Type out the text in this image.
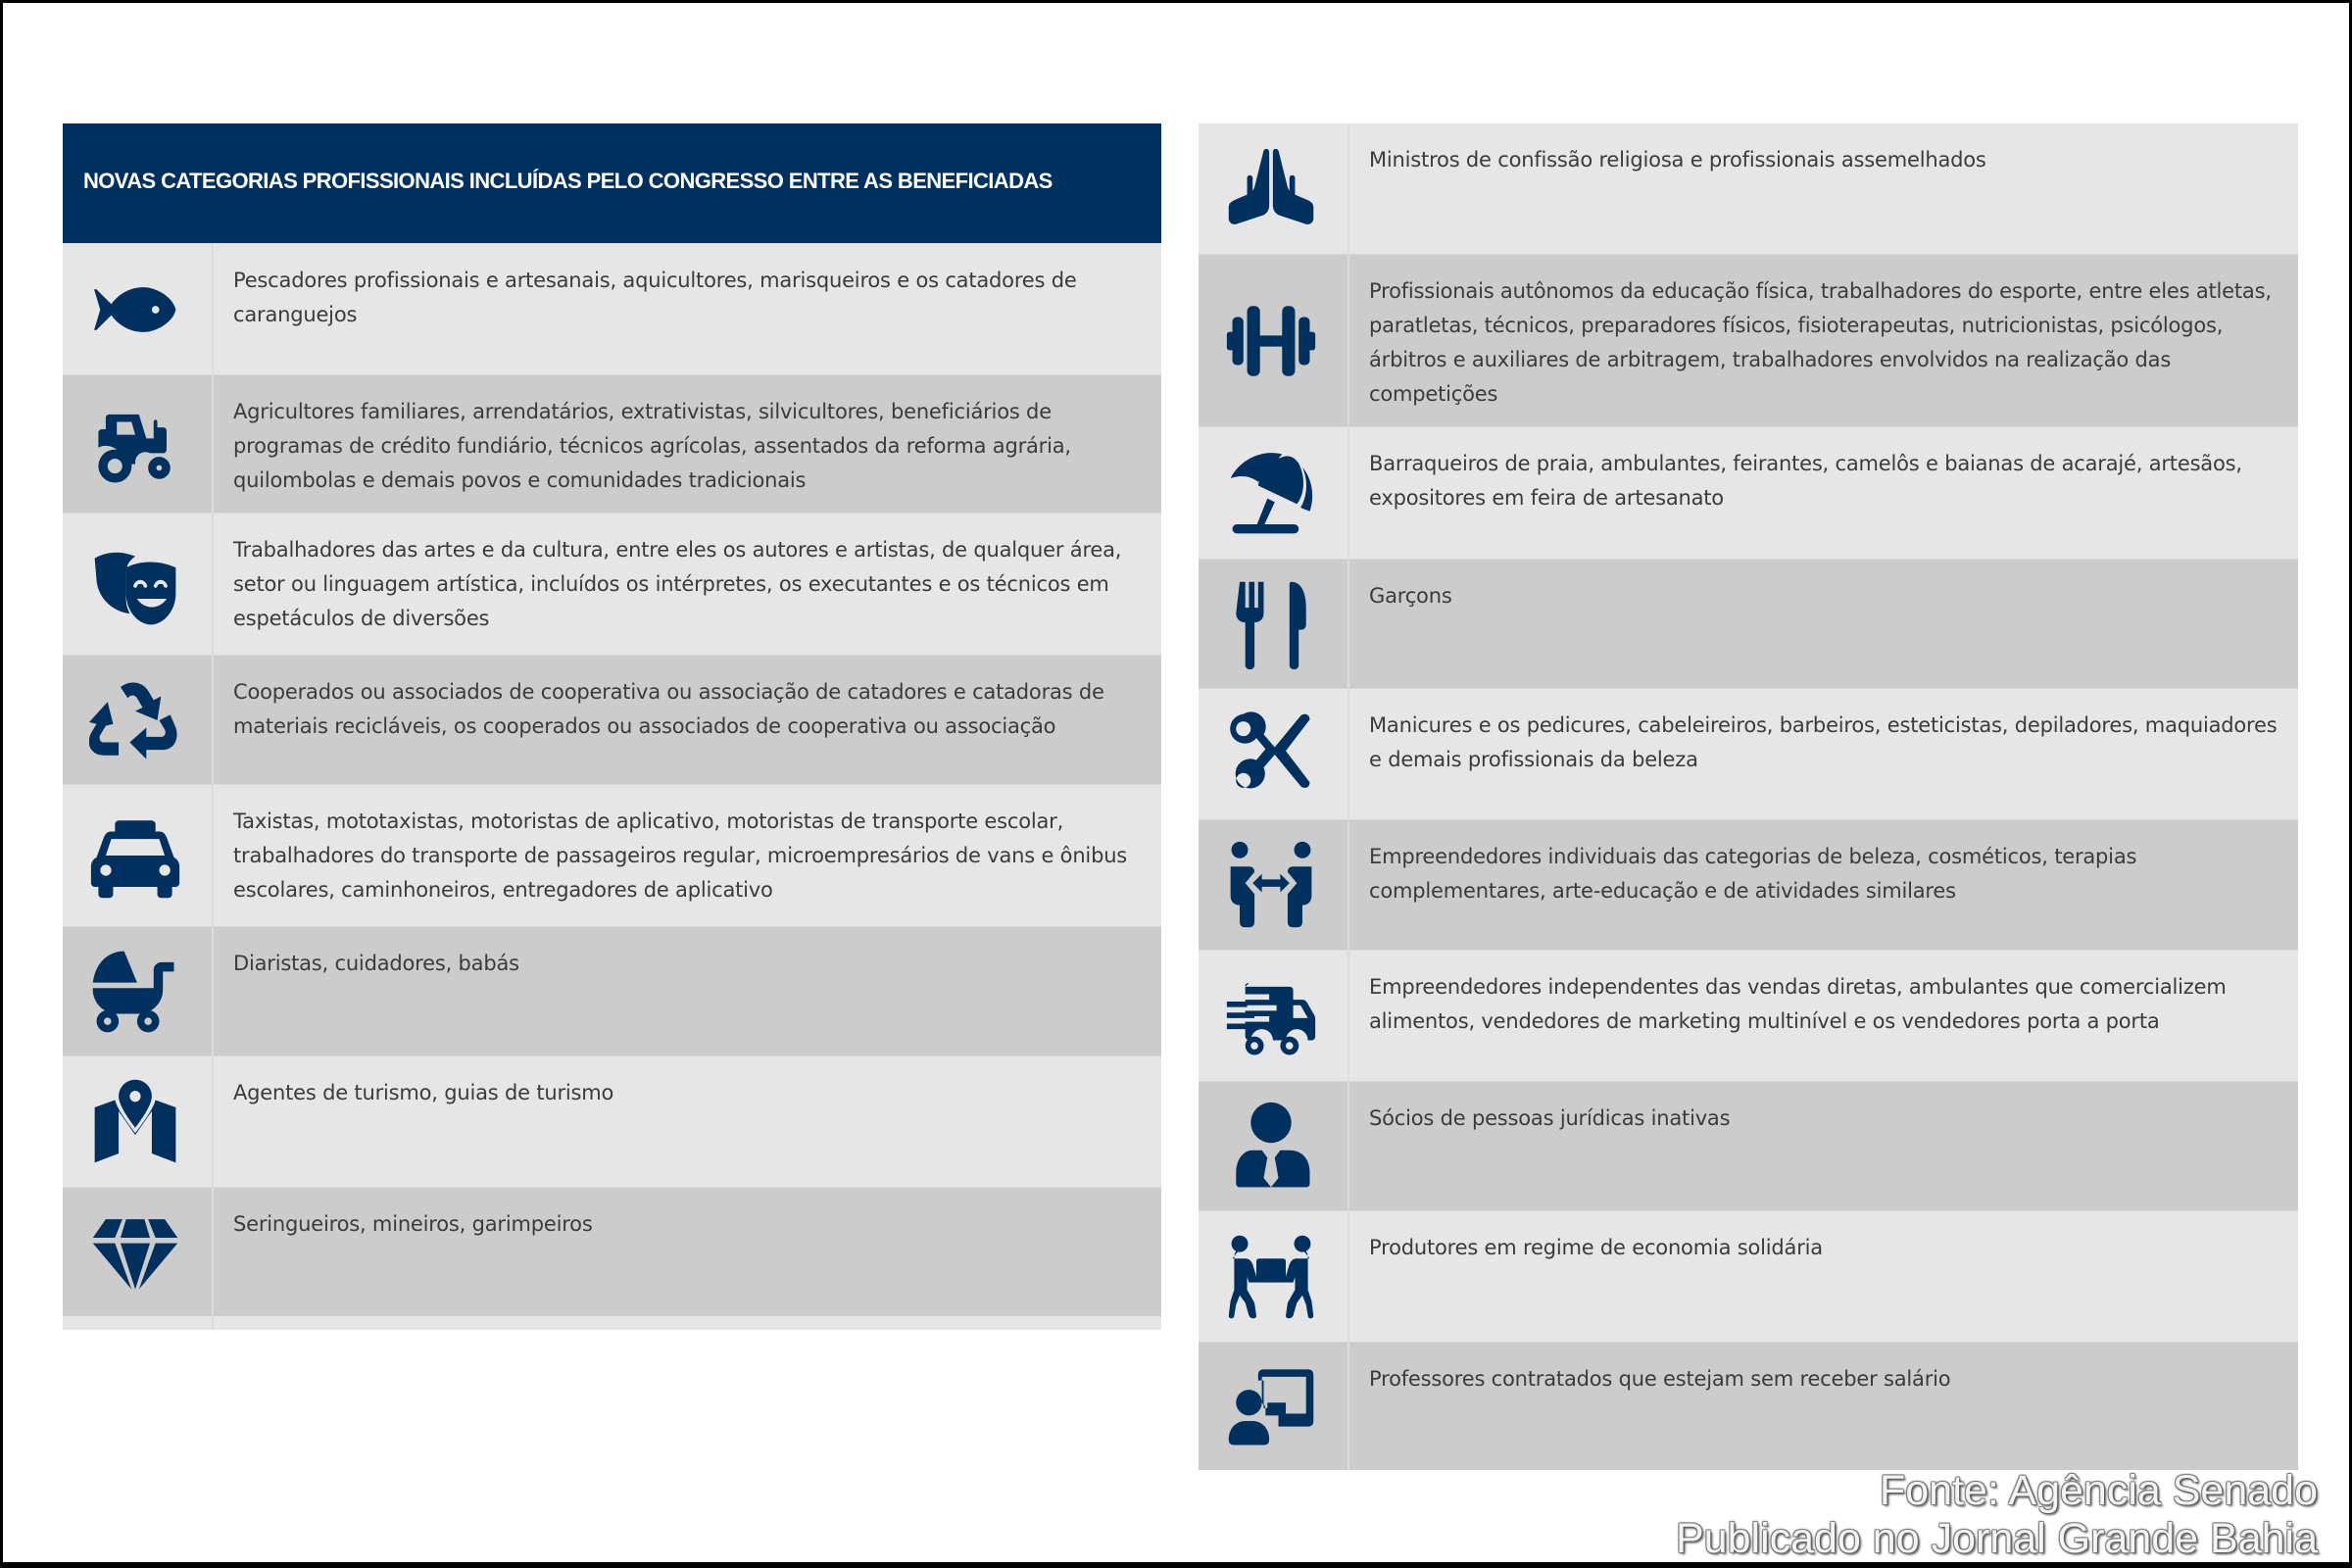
NOVAS CATEGORIAS PROFISSIONAIS INCLUÍDAS PELO CONGRESSO ENTRE AS BENEFICIADAS
Pescadores profissionais e artesanais, aquicultores, marisqueiros e os catadores de caranguejos
Agricultores familiares, arrendatários, extrativistas, silvicultores, beneficiários de programas de crédito fundiário, técnicos agrícolas, assentados da reforma agrária, quilombolas e demais povos e comunidades tradicionais
Trabalhadores das artes e da cultura, entre eles os autores e artistas, de qualquer área, setor ou linguagem artística, incluídos os intérpretes, os executantes e os técnicos em espetáculos de diversões
Cooperados ou associados de cooperativa ou associação de catadores e catadoras de materiais recicláveis, os cooperados ou associados de cooperativa ou associação
Taxistas, mototaxistas, motoristas de aplicativo, motoristas de transporte escolar, trabalhadores do transporte de passageiros regular, microempresários de vans e ônibus escolares, caminhoneiros, entregadores de aplicativo
Diaristas, cuidadores, babás
Agentes de turismo, guias de turismo
Seringueiros, mineiros, garimpeiros
Ministros de confissão religiosa e profissionais assemelhados
Profissionais autônomos da educação física, trabalhadores do esporte, entre eles atletas, paratletas, técnicos, preparadores físicos, fisioterapeutas, nutricionistas, psicólogos, árbitros e auxiliares de arbitragem, trabalhadores envolvidos na realização das competições
Barraqueiros de praia, ambulantes, feirantes, camelôs e baianas de acarajé, artesãos, expositores em feira de artesanato
Garçons
Manicures e os pedicures, cabeleireiros, barbeiros, esteticistas, depiladores, maquiadores e demais profissionais da beleza
Empreendedores individuais das categorias de beleza, cosméticos, terapias complementares, arte-educação e de atividades similares
Empreendedores independentes das vendas diretas, ambulantes que comercializem alimentos, vendedores de marketing multinível e os vendedores porta a porta
Sócios de pessoas jurídicas inativas
Produtores em regime de economia solidária
Professores contratados que estejam sem receber salário
Fonte: Agência Senado
Publicado no Jornal Grande Bahia
